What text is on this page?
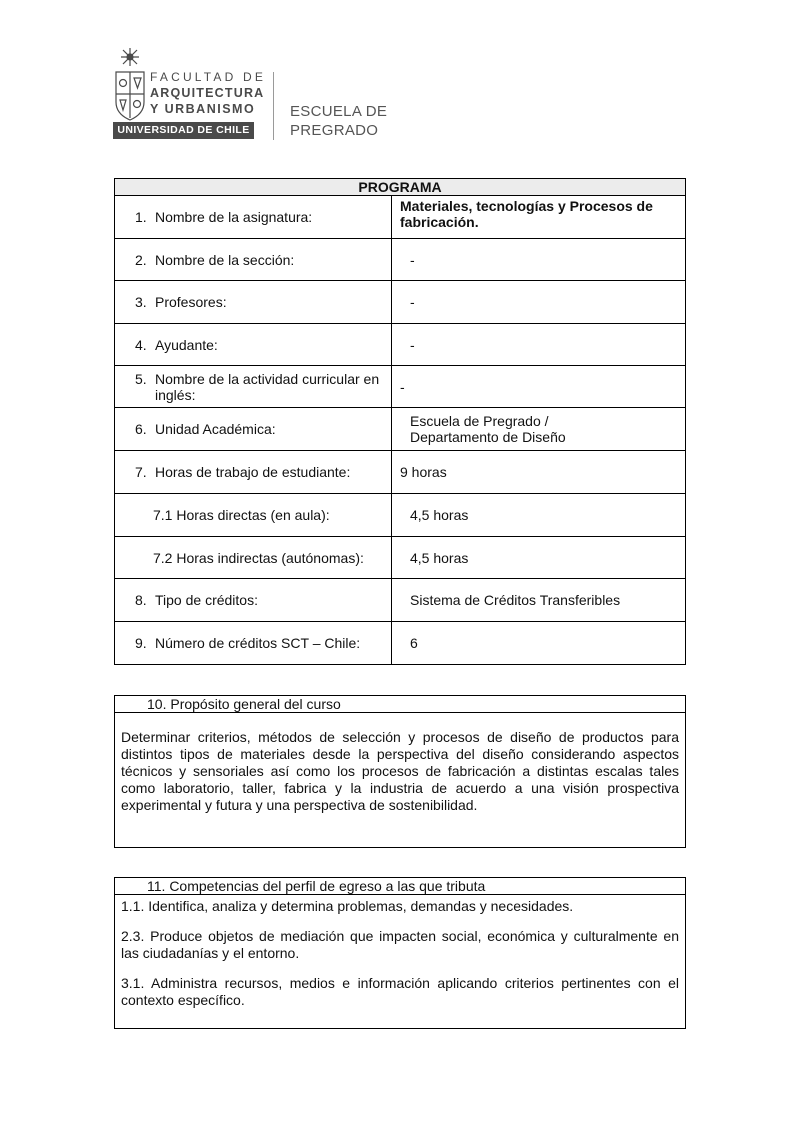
FACULTAD DE
ARQUITECTURA
Y URBANISMO
UNIVERSIDAD DE CHILE
ESCUELA DE
PREGRADO
PROGRAMA	

1. Nombre de la asignatura:	Materiales, tecnologías y Procesos de fabricación.

2. Nombre de la sección:	-

3. Profesores:	-

4. Ayudante:	-

5. Nombre de la actividad curricular en inglés:	-

6. Unidad Académica:	Escuela de Pregrado / Departamento de Diseño

7. Horas de trabajo de estudiante:	9 horas

7.1 Horas directas (en aula):	4,5 horas

7.2 Horas indirectas (autónomas):	4,5 horas

8. Tipo de créditos:	Sistema de Créditos Transferibles

9. Número de créditos SCT – Chile:	6
10. Propósito general del curso

Determinar criterios, métodos de selección y procesos de diseño de productos para distintos tipos de materiales desde la perspectiva del diseño considerando aspectos técnicos y sensoriales así como los procesos de fabricación a distintas escalas tales como laboratorio, taller, fabrica y la industria de acuerdo a una visión prospectiva experimental y futura y una perspectiva de sostenibilidad.

11. Competencias del perfil de egreso a las que tributa

1.1. Identifica, analiza y determina problemas, demandas y necesidades.

2.3. Produce objetos de mediación que impacten social, económica y culturalmente en las ciudadanías y el entorno.

3.1. Administra recursos, medios e información aplicando criterios pertinentes con el contexto específico.
